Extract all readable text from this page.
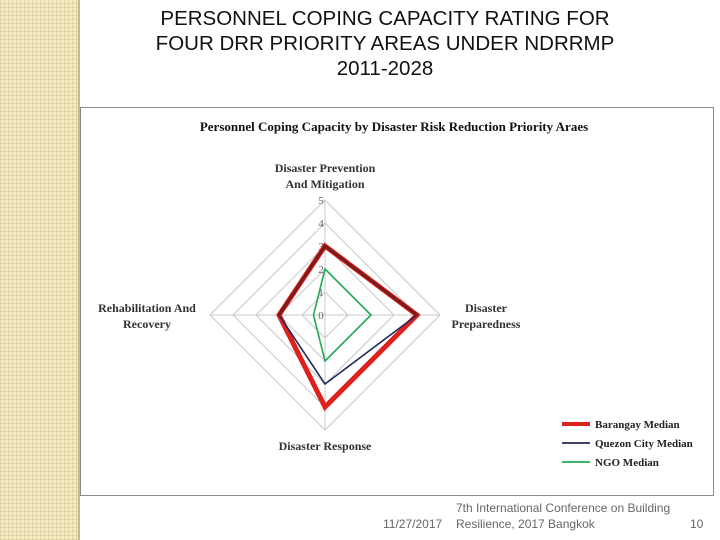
PERSONNEL COPING CAPACITY RATING FOR
FOUR DRR PRIORITY AREAS UNDER NDRRMP
2011-2028
Personnel Coping Capacity by Disaster Risk Reduction Priority Araes
0
1
2
3
4
5
Disaster Prevention
And Mitigation
Disaster
Preparedness
Disaster Response
Rehabilitation And
Recovery
Barangay Median
Quezon City Median
NGO Median
11/27/2017
7th International Conference on Building
Resilience, 2017 Bangkok	10
